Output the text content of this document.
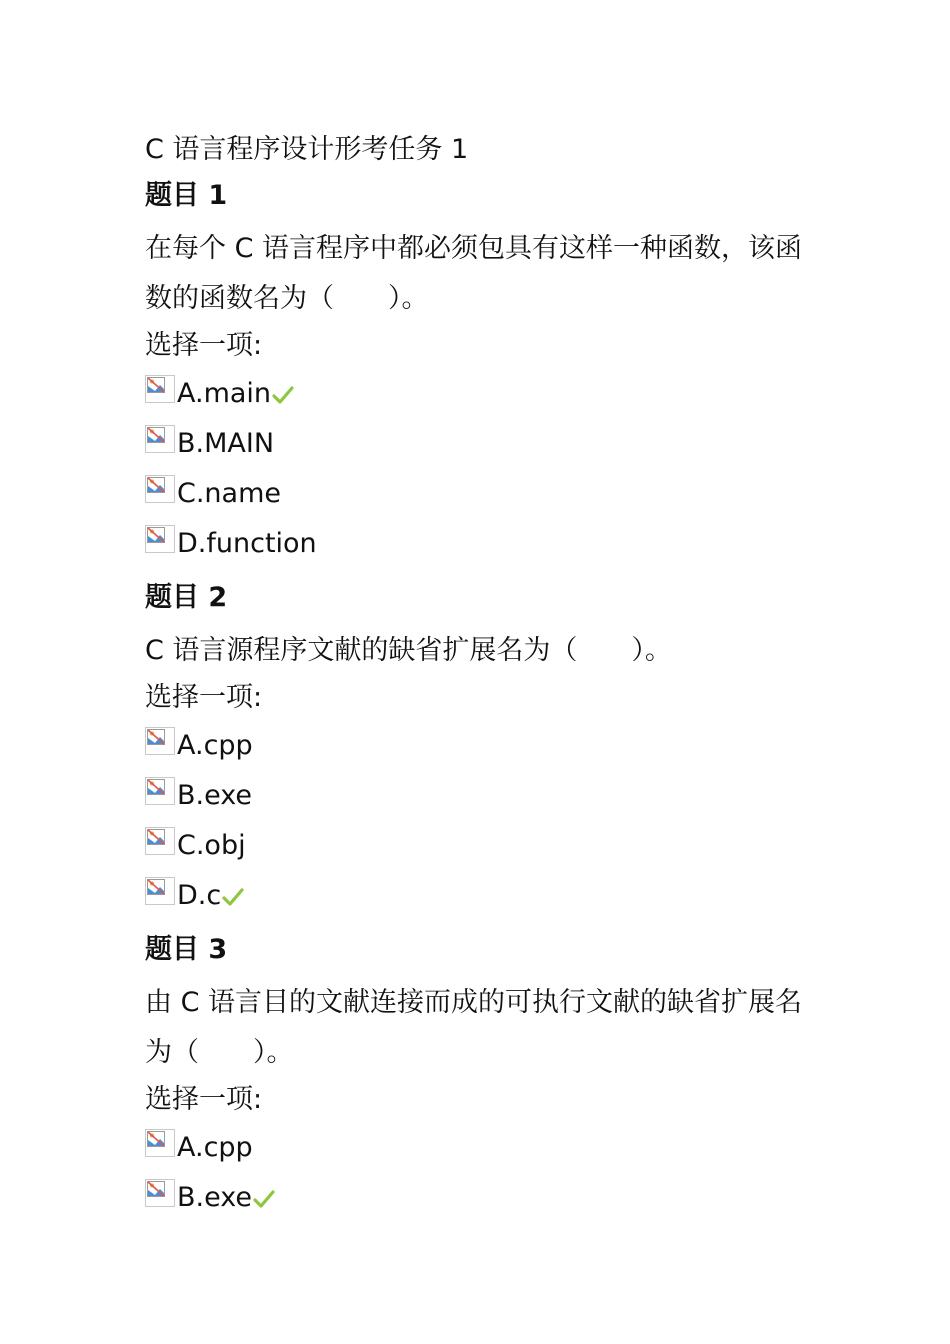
C 语言程序设计形考任务 1
题目 1
在每个 C 语言程序中都必须包具有这样一种函数，该函数的函数名为（　　）。
选择一项:
A.main
B.MAIN
C.name
D.function
题目 2
C 语言源程序文献的缺省扩展名为（　　）。
选择一项:
A.cpp
B.exe
C.obj
D.c
题目 3
由 C 语言目的文献连接而成的可执行文献的缺省扩展名为（　　）。
选择一项:
A.cpp
B.exe
